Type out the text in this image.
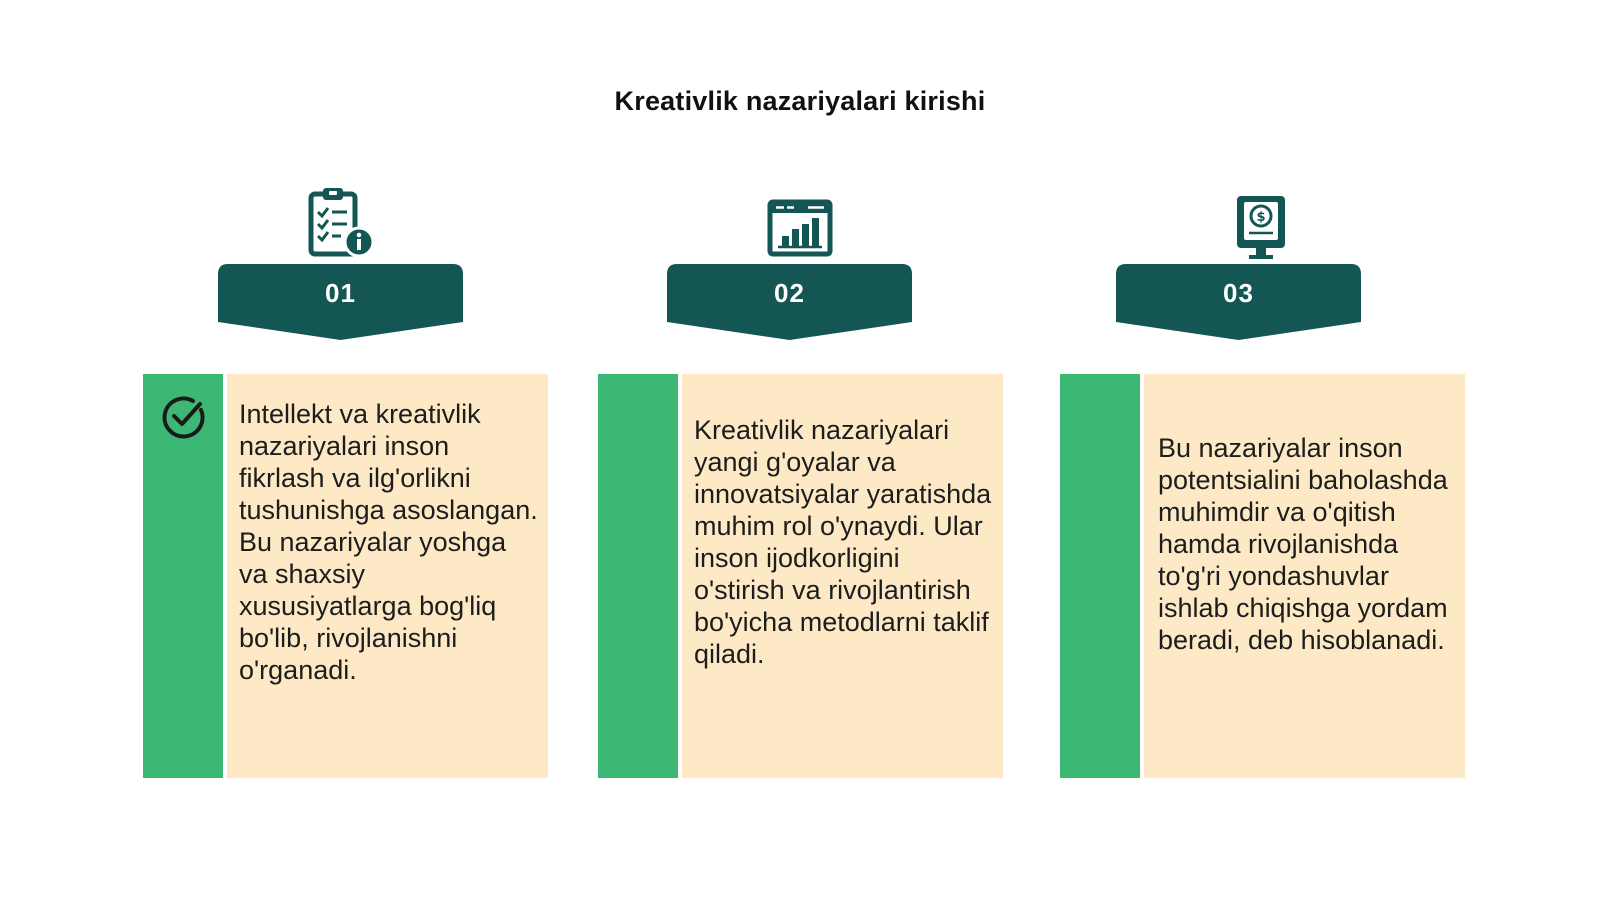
Kreativlik nazariyalari kirishi
01

Intellekt va kreativlik nazariyalari inson fikrlash va ilg'orlikni tushunishga asoslangan. Bu nazariyalar yoshga va shaxsiy xususiyatlarga bog'liq bo'lib, rivojlanishni o'rganadi.

02

Kreativlik nazariyalari yangi g'oyalar va innovatsiyalar yaratishda muhim rol o'ynaydi. Ular inson ijodkorligini o'stirish va rivojlantirish bo'yicha metodlarni taklif qiladi.

$
03

Bu nazariyalar inson potentsialini baholashda muhimdir va o'qitish hamda rivojlanishda to'g'ri yondashuvlar ishlab chiqishga yordam beradi, deb hisoblanadi.
